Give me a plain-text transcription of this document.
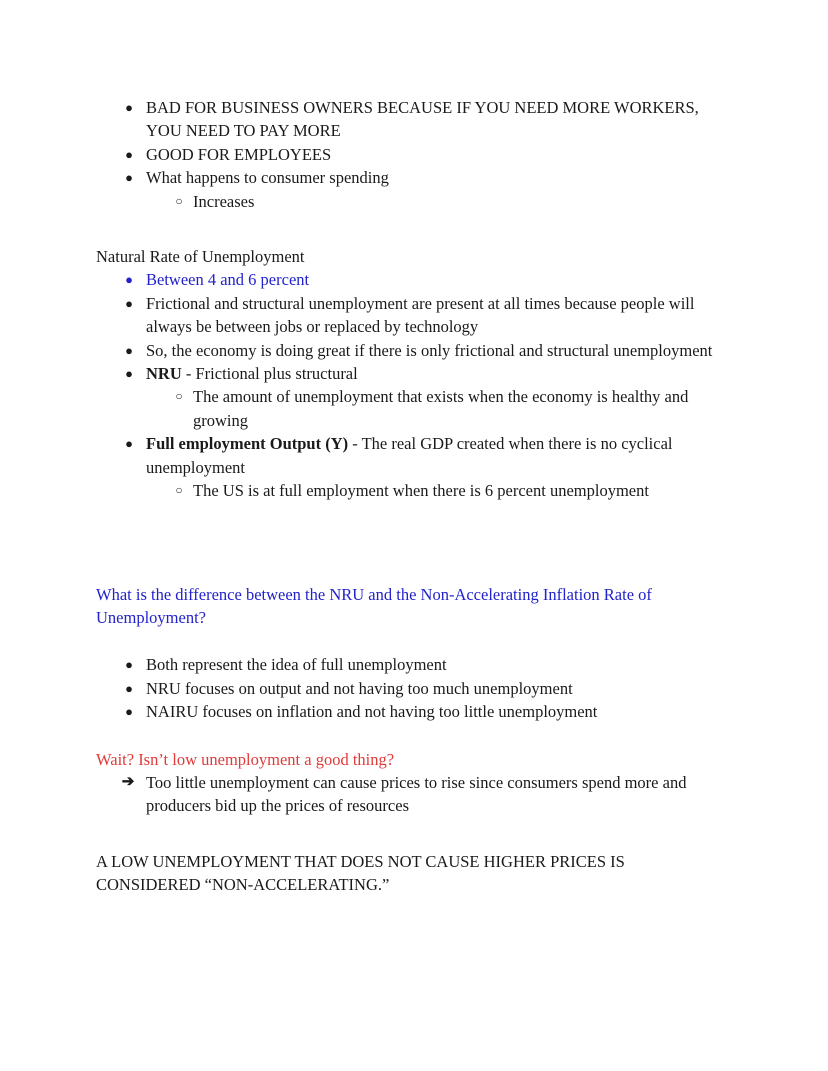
● BAD FOR BUSINESS OWNERS BECAUSE IF YOU NEED MORE WORKERS, YOU NEED TO PAY MORE
● GOOD FOR EMPLOYEES
● What happens to consumer spending
○ Increases

Natural Rate of Unemployment

● Between 4 and 6 percent
● Frictional and structural unemployment are present at all times because people will always be between jobs or replaced by technology
● So, the economy is doing great if there is only frictional and structural unemployment
● NRU - Frictional plus structural
○ The amount of unemployment that exists when the economy is healthy and growing
● Full employment Output (Y) - The real GDP created when there is no cyclical unemployment
○ The US is at full employment when there is 6 percent unemployment

What is the difference between the NRU and the Non-Accelerating Inflation Rate of Unemployment?

● Both represent the idea of full unemployment
● NRU focuses on output and not having too much unemployment
● NAIRU focuses on inflation and not having too little unemployment

Wait? Isn’t low unemployment a good thing?

➔ Too little unemployment can cause prices to rise since consumers spend more and producers bid up the prices of resources

A LOW UNEMPLOYMENT THAT DOES NOT CAUSE HIGHER PRICES IS CONSIDERED “NON-ACCELERATING.”
